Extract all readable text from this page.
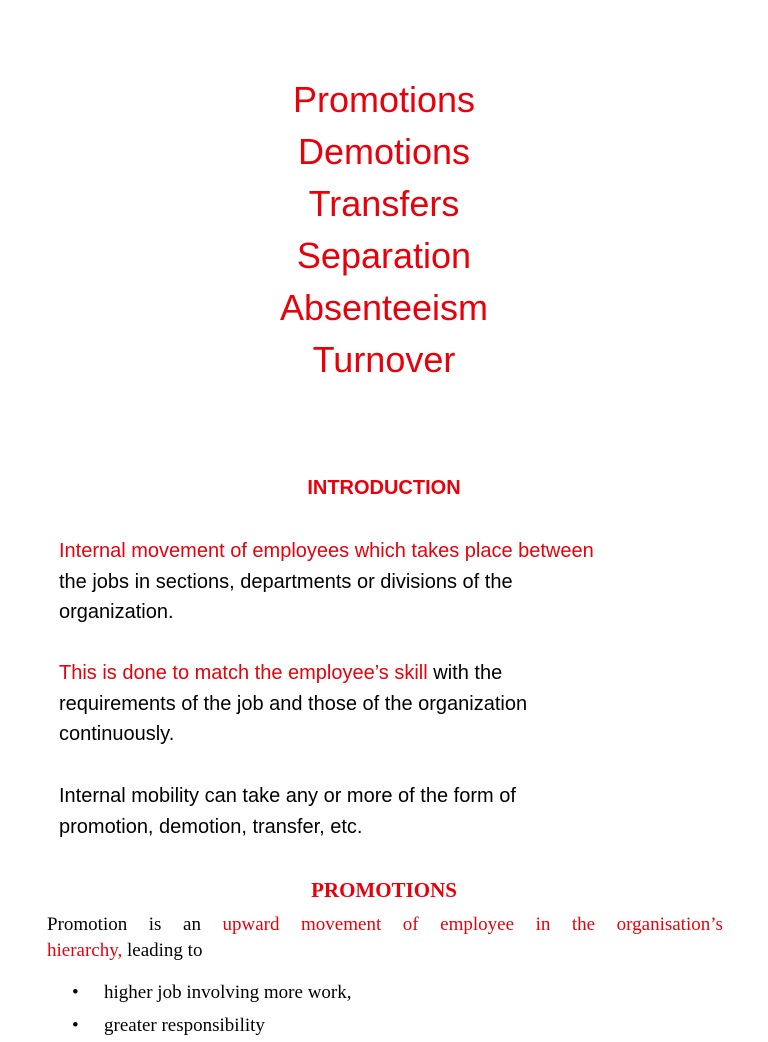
Promotions
Demotions
Transfers
Separation
Absenteeism
Turnover
INTRODUCTION
Internal movement of employees which takes place between
the jobs in sections, departments or divisions of the
organization.
This is done to match the employee’s skill with the
requirements of the job and those of the organization
continuously.
Internal mobility can take any or more of the form of
promotion, demotion, transfer, etc.
PROMOTIONS
Promotion is an upward movement of employee in the organisation’s
hierarchy, leading to
• higher job involving more work,
• greater responsibility
